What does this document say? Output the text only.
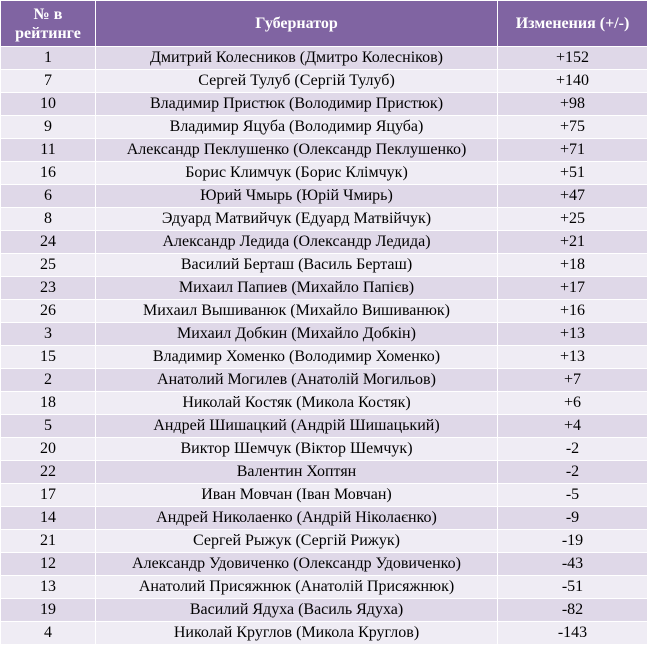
№ в рейтинге	Губернатор	Изменения (+/-)
1	Дмитрий Колесников (Дмитро Колесніков)	+152
7	Сергей Тулуб (Сергій Тулуб)	+140
10	Владимир Пристюк (Володимир Пристюк)	+98
9	Владимир Яцуба (Володимир Яцуба)	+75
11	Александр Пеклушенко (Олександр Пеклушенко)	+71
16	Борис Климчук (Борис Клімчук)	+51
6	Юрий Чмырь (Юрій Чмирь)	+47
8	Эдуард Матвийчук (Едуард Матвійчук)	+25
24	Александр Ледида (Олександр Ледида)	+21
25	Василий Берташ (Василь Берташ)	+18
23	Михаил Папиев (Михайло Папієв)	+17
26	Михаил Вышиванюк (Михайло Вишиванюк)	+16
3	Михаил Добкин (Михайло Добкін)	+13
15	Владимир Хоменко (Володимир Хоменко)	+13
2	Анатолий Могилев (Анатолій Могильов)	+7
18	Николай Костяк (Микола Костяк)	+6
5	Андрей Шишацкий (Андрій Шишацький)	+4
20	Виктор Шемчук (Віктор Шемчук)	-2
22	Валентин Хоптян	-2
17	Иван Мовчан (Іван Мовчан)	-5
14	Андрей Николаенко (Андрій Ніколаєнко)	-9
21	Сергей Рыжук (Сергій Рижук)	-19
12	Александр Удовиченко (Олександр Удовиченко)	-43
13	Анатолий Присяжнюк (Анатолій Присяжнюк)	-51
19	Василий Ядуха (Василь Ядуха)	-82
4	Николай Круглов (Микола Круглов)	-143
